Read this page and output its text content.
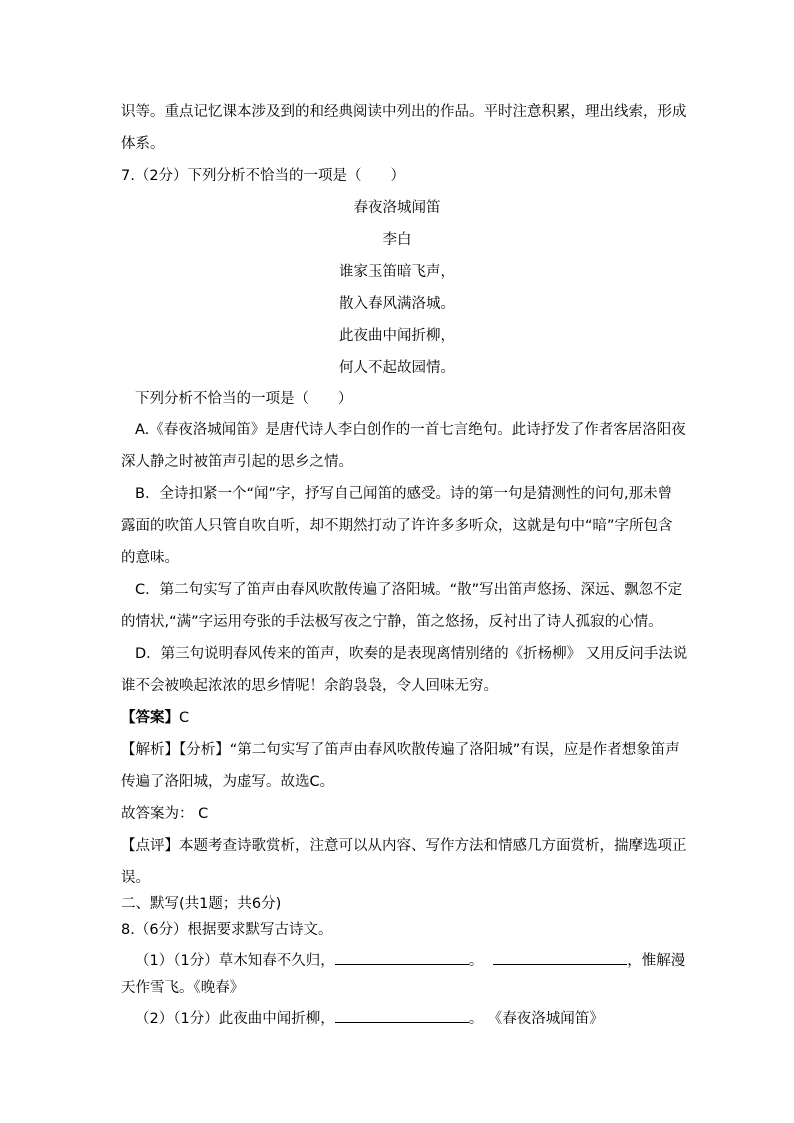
识等。重点记忆课本涉及到的和经典阅读中列出的作品。平时注意积累，理出线索，形成
体系。
7.（2分）下列分析不恰当的一项是（　　）
春夜洛城闻笛
李白
谁家玉笛暗飞声，
散入春风满洛城。
此夜曲中闻折柳，
何人不起故园情。
下列分析不恰当的一项是（　　）
A.《春夜洛城闻笛》是唐代诗人李白创作的一首七言绝句。此诗抒发了作者客居洛阳夜
深人静之时被笛声引起的思乡之情。
B．全诗扣紧一个“闻”字，抒写自己闻笛的感受。诗的第一句是猜测性的问句,那未曾
露面的吹笛人只管自吹自听，却不期然打动了许许多多听众，这就是句中“暗”字所包含
的意味。
C．第二句实写了笛声由春风吹散传遍了洛阳城。“散”写出笛声悠扬、深远、飘忽不定
的情状,“满”字运用夸张的手法极写夜之宁静，笛之悠扬，反衬出了诗人孤寂的心情。
D．第三句说明春风传来的笛声，吹奏的是表现离情别绪的《折杨柳》 又用反问手法说
谁不会被唤起浓浓的思乡情呢！余韵袅袅，令人回味无穷。
【答案】C
【解析】【分析】“第二句实写了笛声由春风吹散传遍了洛阳城”有误，应是作者想象笛声
传遍了洛阳城，为虚写。故选C。
故答案为： C
【点评】本题考查诗歌赏析，注意可以从内容、写作方法和情感几方面赏析，揣摩选项正
误。
二、默写(共1题；共6分)
8.（6分）根据要求默写古诗文。
（1）（1分）草木知春不久归，	。	，惟解漫
天作雪飞。《晚春》
（2）（1分）此夜曲中闻折柳，	。 《春夜洛城闻笛》
